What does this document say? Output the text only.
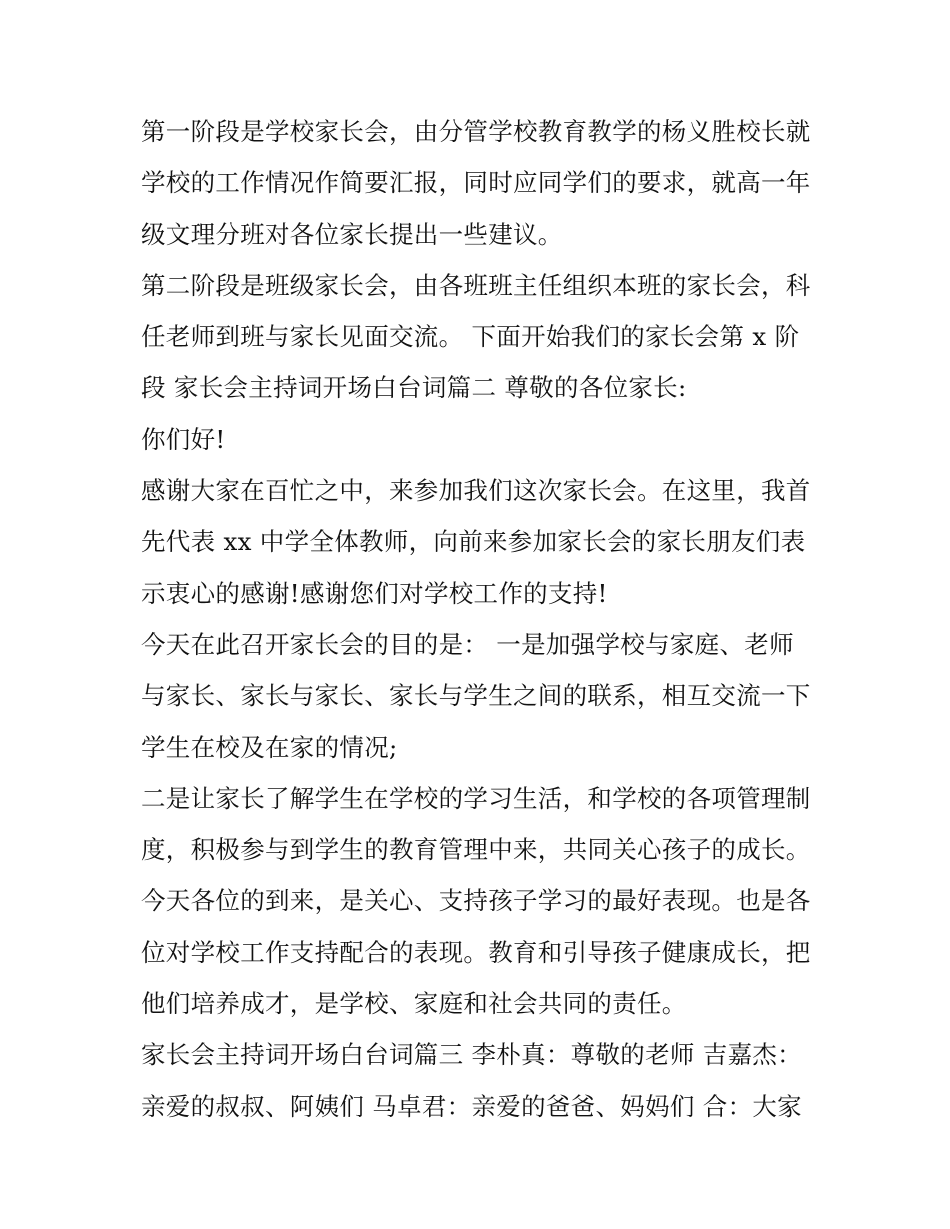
第一阶段是学校家长会，由分管学校教育教学的杨义胜校长就
学校的工作情况作简要汇报，同时应同学们的要求，就高一年
级文理分班对各位家长提出一些建议。
第二阶段是班级家长会，由各班班主任组织本班的家长会，科
任老师到班与家长见面交流。 下面开始我们的家长会第 x 阶
段 家长会主持词开场白台词篇二 尊敬的各位家长:
你们好!
感谢大家在百忙之中，来参加我们这次家长会。在这里，我首
先代表 xx 中学全体教师，向前来参加家长会的家长朋友们表
示衷心的感谢!感谢您们对学校工作的支持!
今天在此召开家长会的目的是： 一是加强学校与家庭、老师
与家长、家长与家长、家长与学生之间的联系，相互交流一下
学生在校及在家的情况;
二是让家长了解学生在学校的学习生活，和学校的各项管理制
度，积极参与到学生的教育管理中来，共同关心孩子的成长。
今天各位的到来，是关心、支持孩子学习的最好表现。也是各
位对学校工作支持配合的表现。教育和引导孩子健康成长，把
他们培养成才，是学校、家庭和社会共同的责任。
家长会主持词开场白台词篇三 李朴真：尊敬的老师 吉嘉杰：
亲爱的叔叔、阿姨们 马卓君：亲爱的爸爸、妈妈们 合：大家
